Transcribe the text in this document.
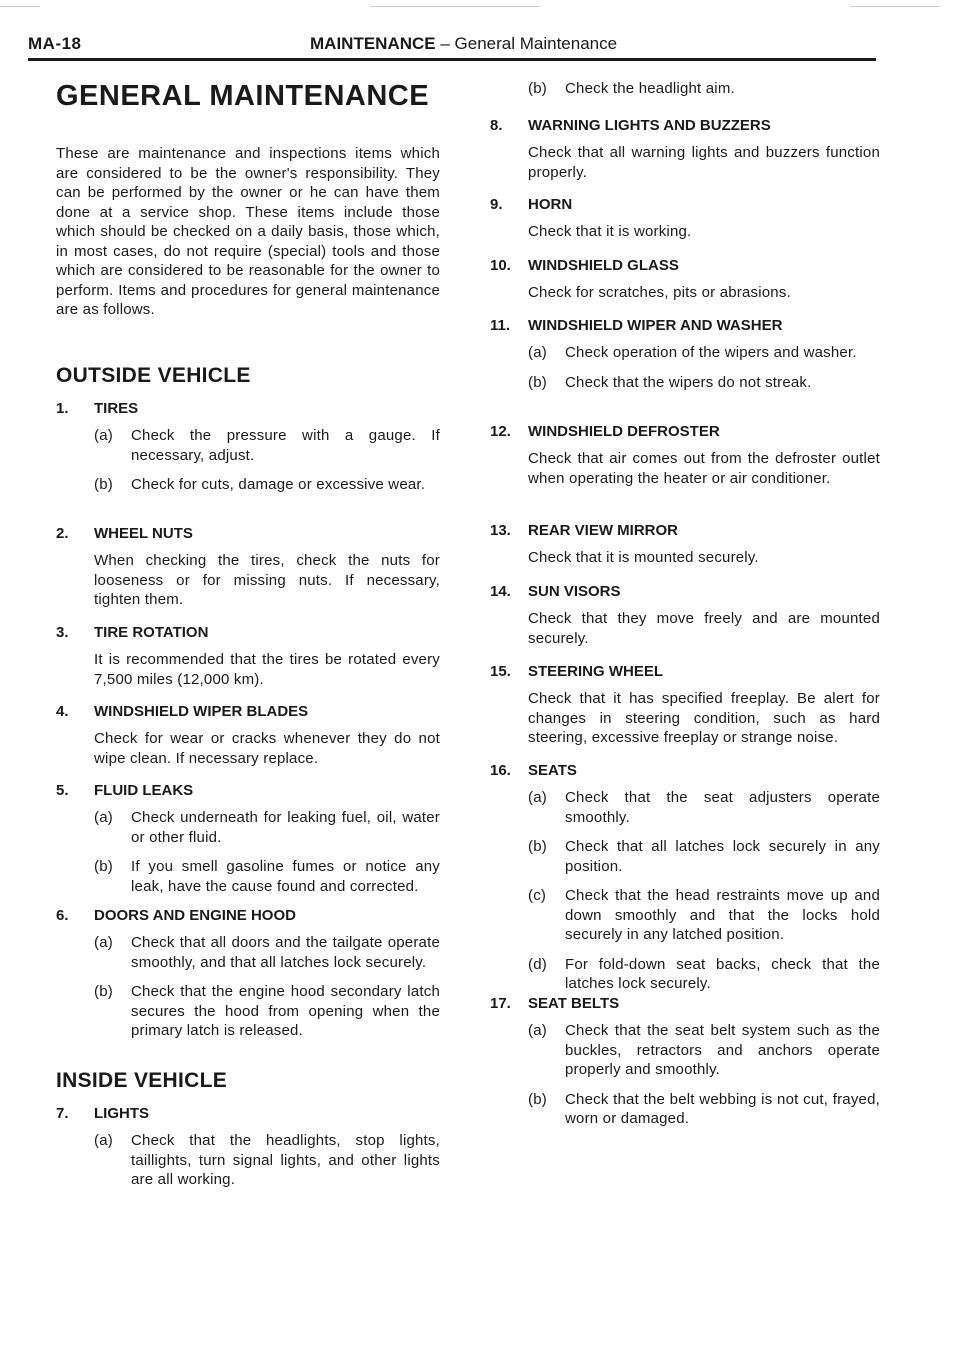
MA-18	MAINTENANCE – General Maintenance
GENERAL MAINTENANCE
These are maintenance and inspections items which are considered to be the owner's responsibility. They can be performed by the owner or he can have them done at a service shop. These items include those which should be checked on a daily basis, those which, in most cases, do not require (special) tools and those which are considered to be reasonable for the owner to perform. Items and procedures for general maintenance are as follows.
OUTSIDE VEHICLE
1. TIRES
(a) Check the pressure with a gauge. If necessary, adjust.
(b) Check for cuts, damage or excessive wear.
2. WHEEL NUTS
When checking the tires, check the nuts for looseness or for missing nuts. If necessary, tighten them.
3. TIRE ROTATION
It is recommended that the tires be rotated every 7,500 miles (12,000 km).
4. WINDSHIELD WIPER BLADES
Check for wear or cracks whenever they do not wipe clean. If necessary replace.
5. FLUID LEAKS
(a) Check underneath for leaking fuel, oil, water or other fluid.
(b) If you smell gasoline fumes or notice any leak, have the cause found and corrected.
6. DOORS AND ENGINE HOOD
(a) Check that all doors and the tailgate operate smoothly, and that all latches lock securely.
(b) Check that the engine hood secondary latch secures the hood from opening when the primary latch is released.
INSIDE VEHICLE
7. LIGHTS
(a) Check that the headlights, stop lights, taillights, turn signal lights, and other lights are all working.
(b) Check the headlight aim.
8. WARNING LIGHTS AND BUZZERS
Check that all warning lights and buzzers function properly.
9. HORN
Check that it is working.
10. WINDSHIELD GLASS
Check for scratches, pits or abrasions.
11. WINDSHIELD WIPER AND WASHER
(a) Check operation of the wipers and washer.
(b) Check that the wipers do not streak.
12. WINDSHIELD DEFROSTER
Check that air comes out from the defroster outlet when operating the heater or air conditioner.
13. REAR VIEW MIRROR
Check that it is mounted securely.
14. SUN VISORS
Check that they move freely and are mounted securely.
15. STEERING WHEEL
Check that it has specified freeplay. Be alert for changes in steering condition, such as hard steering, excessive freeplay or strange noise.
16. SEATS
(a) Check that the seat adjusters operate smoothly.
(b) Check that all latches lock securely in any position.
(c) Check that the head restraints move up and down smoothly and that the locks hold securely in any latched position.
(d) For fold-down seat backs, check that the latches lock securely.
17. SEAT BELTS
(a) Check that the seat belt system such as the buckles, retractors and anchors operate properly and smoothly.
(b) Check that the belt webbing is not cut, frayed, worn or damaged.
